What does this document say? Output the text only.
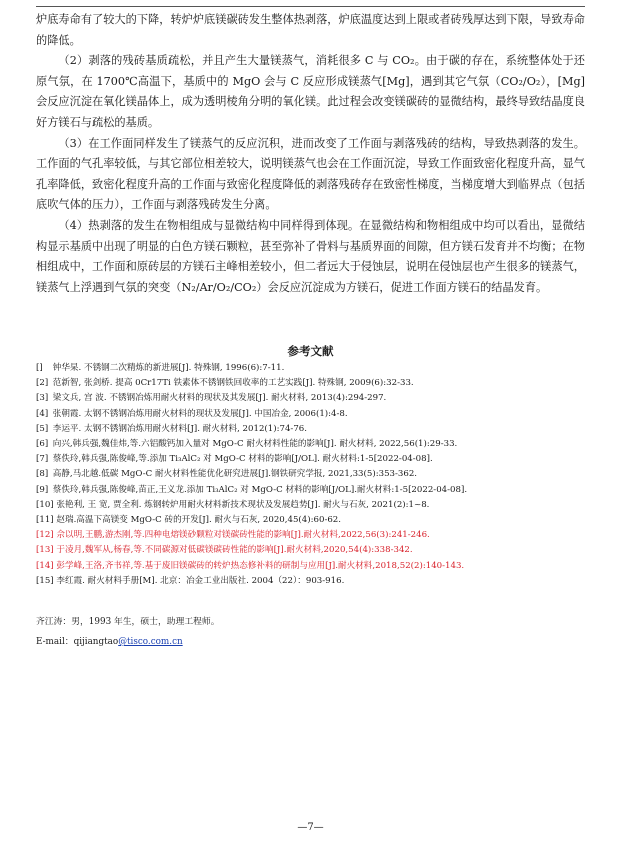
炉底寿命有了较大的下降，转炉炉底镁碳砖发生整体热剥落，炉底温度达到上限或者砖残厚达到下限，导致寿命的降低。

（2）剥落的残砖基质疏松，并且产生大量镁蒸气，消耗很多 C 与 CO₂。由于碳的存在，系统整体处于还原气氛，在 1700℃高温下，基质中的 MgO 会与 C 反应形成镁蒸气[Mg]，遇到其它气氛（CO₂/O₂），[Mg]会反应沉淀在氧化镁晶体上，成为透明棱角分明的氧化镁。此过程会改变镁碳砖的显微结构，最终导致结晶度良好方镁石与疏松的基质。

（3）在工作面同样发生了镁蒸气的反应沉积，进而改变了工作面与剥落残砖的结构，导致热剥落的发生。工作面的气孔率较低，与其它部位相差较大，说明镁蒸气也会在工作面沉淀，导致工作面致密化程度升高，显气孔率降低，致密化程度升高的工作面与致密化程度降低的剥落残砖存在致密性梯度，当梯度增大到临界点（包括底吹气体的压力），工作面与剥落残砖发生分离。

（4）热剥落的发生在物相组成与显微结构中同样得到体现。在显微结构和物相组成中均可以看出，显微结构显示基质中出现了明显的白色方镁石颗粒，甚至弥补了骨料与基质界面的间隙，但方镁石发育并不均衡；在物相组成中，工作面和原砖层的方镁石主峰相差较小，但二者远大于侵蚀层，说明在侵蚀层也产生很多的镁蒸气，镁蒸气上浮遇到气氛的突变（N₂/Ar/O₂/CO₂）会反应沉淀成为方镁石，促进工作面方镁石的结晶发育。

参考文献
[] 钟华杲. 不锈钢二次精炼的新进展[J]. 特殊钢, 1996(6):7-11.
[2] 范新智, 张剑桥. 提高 0Cr17Ti 铁素体不锈钢铁回收率的工艺实践[J]. 特殊钢, 2009(6):32-33.
[3] 梁文兵, 宫 波. 不锈钢冶炼用耐火材料的现状及其发展[J]. 耐火材料, 2013(4):294-297.
[4] 张朝霞. 太钢不锈钢冶炼用耐火材料的现状及发展[J]. 中国冶金, 2006(1):4-8.
[5] 李运平. 太钢不锈钢冶炼用耐火材料[J]. 耐火材料, 2012(1):74-76.
[6] 向兴,韩兵强,魏佳炜,等.六铝酸钙加入量对 MgO-C 耐火材料性能的影响[J]. 耐火材料, 2022,56(1):29-33.
[7] 蔡佚玲,韩兵强,陈俊峰,等.添加 Ti₃AlC₂ 对 MgO-C 材料的影响[J/OL]. 耐火材料:1-5[2022-04-08].
[8] 高静,马北越.低碳 MgO-C 耐火材料性能优化研究进展[J].钢铁研究学报, 2021,33(5):353-362.
[9] 蔡佚玲,韩兵强,陈俊峰,苗正,王义龙.添加 Ti₃AlC₂ 对 MgO-C 材料的影响[J/OL].耐火材料:1-5[2022-04-08].
[10] 张艳利, 王 宽, 贾全利. 炼钢转炉用耐火材料新技术现状及发展趋势[J]. 耐火与石灰, 2021(2):1~8.
[11] 赵瑞.高温下高镁变 MgO-C 砖的开发[J]. 耐火与石灰, 2020,45(4):60-62.
[12] 佘以明,王鹏,游杰刚,等.四种电熔镁砂颗粒对镁碳砖性能的影响[J].耐火材料,2022,56(3):241-246.
[13] 于凌月,魏军从,杨春,等.不同碳源对低碳镁碳砖性能的影响[J].耐火材料,2020,54(4):338-342.
[14] 彭学峰,王洛,齐书祥,等.基于废旧镁碳砖的转炉热态修补料的研制与应用[J].耐火材料,2018,52(2):140-143.
[15] 李红霞. 耐火材料手册[M]. 北京：冶金工业出版社. 2004（22）：903-916.
齐江涛：男，1993 年生，硕士，助理工程师。
E-mail：qijiangtao@tisco.com.cn
—7—
